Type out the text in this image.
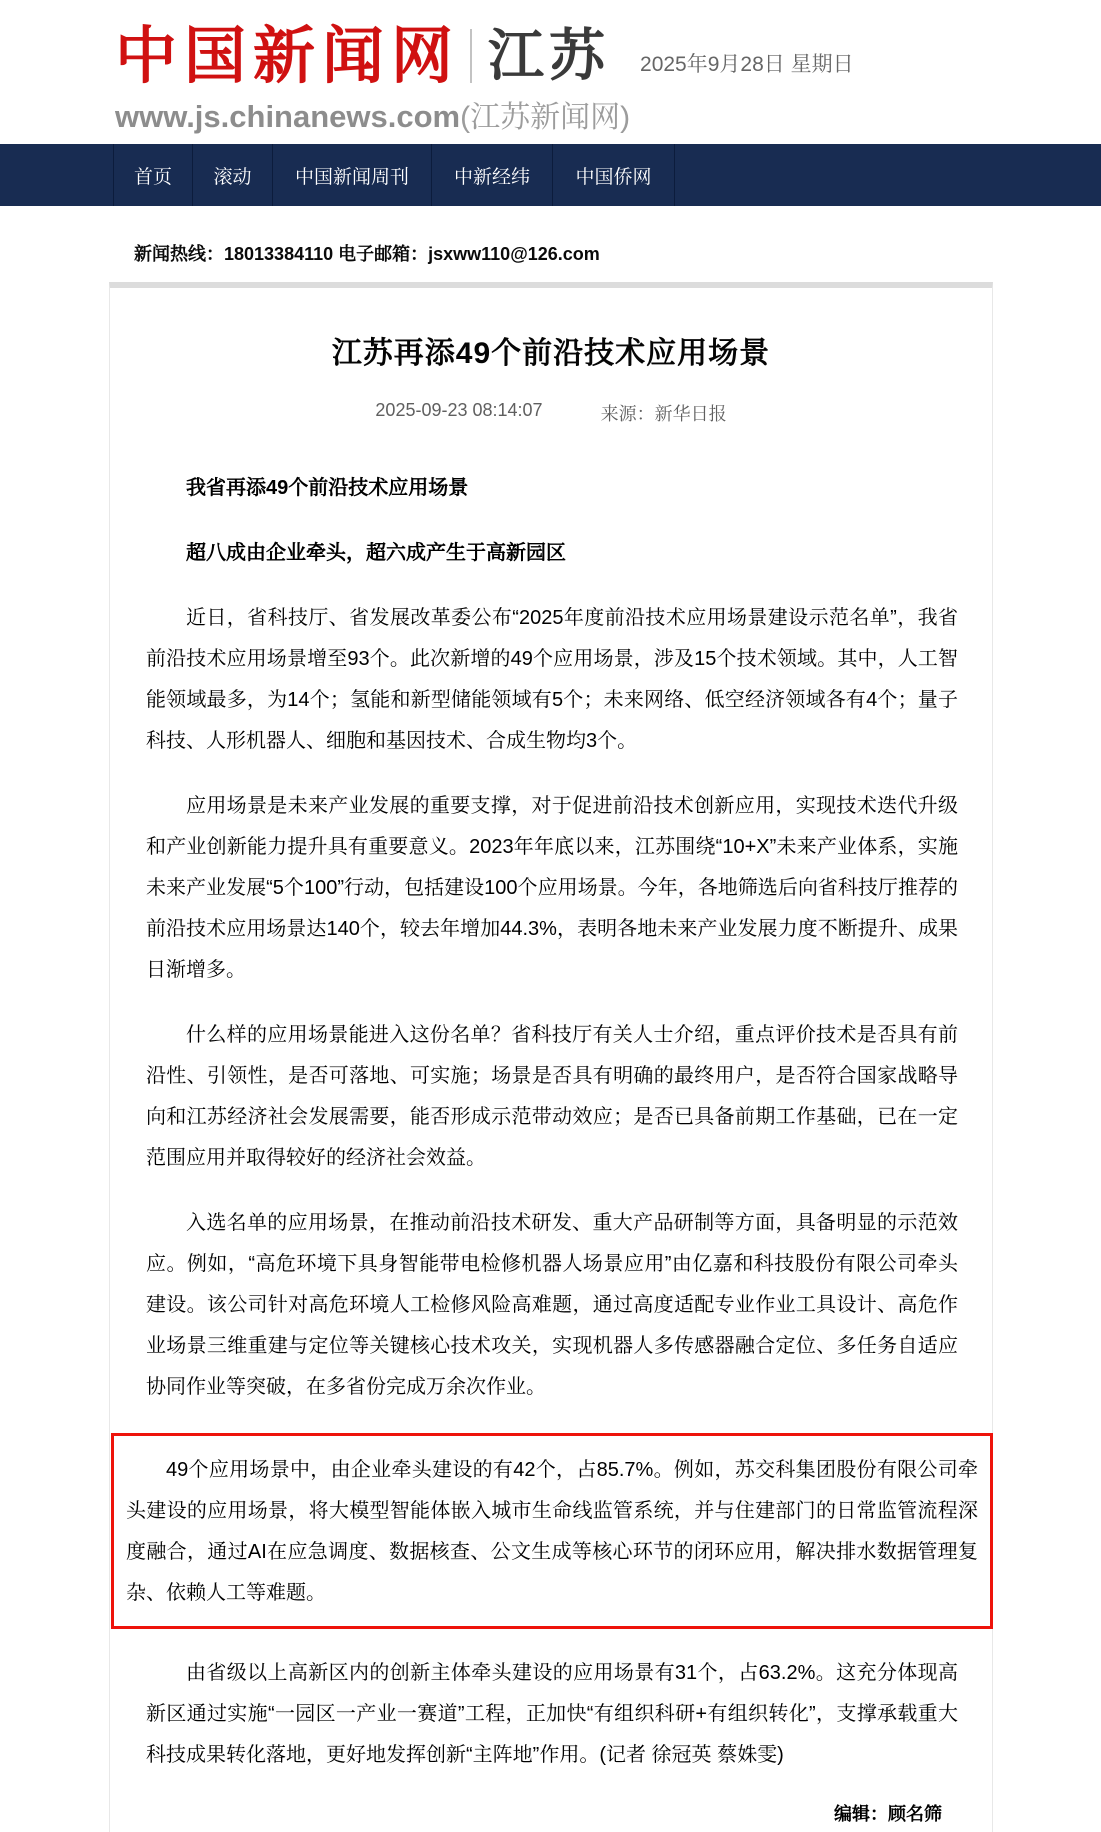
中国新闻网 江苏 2025年9月28日 星期日
www.js.chinanews.com(江苏新闻网)
首页	滚动	中国新闻周刊	中新经纬	中国侨网
新闻热线：18013384110 电子邮箱：jsxww110@126.com
江苏再添49个前沿技术应用场景
2025-09-23 08:14:07	来源：新华日报

我省再添49个前沿技术应用场景

超八成由企业牵头，超六成产生于高新园区

近日，省科技厅、省发展改革委公布“2025年度前沿技术应用场景建设示范名单”，我省前沿技术应用场景增至93个。此次新增的49个应用场景，涉及15个技术领域。其中，人工智能领域最多，为14个；氢能和新型储能领域有5个；未来网络、低空经济领域各有4个；量子科技、人形机器人、细胞和基因技术、合成生物均3个。

应用场景是未来产业发展的重要支撑，对于促进前沿技术创新应用，实现技术迭代升级和产业创新能力提升具有重要意义。2023年年底以来，江苏围绕“10+X”未来产业体系，实施未来产业发展“5个100”行动，包括建设100个应用场景。今年，各地筛选后向省科技厅推荐的前沿技术应用场景达140个，较去年增加44.3%，表明各地未来产业发展力度不断提升、成果日渐增多。

什么样的应用场景能进入这份名单？省科技厅有关人士介绍，重点评价技术是否具有前沿性、引领性，是否可落地、可实施；场景是否具有明确的最终用户，是否符合国家战略导向和江苏经济社会发展需要，能否形成示范带动效应；是否已具备前期工作基础，已在一定范围应用并取得较好的经济社会效益。

入选名单的应用场景，在推动前沿技术研发、重大产品研制等方面，具备明显的示范效应。例如，“高危环境下具身智能带电检修机器人场景应用”由亿嘉和科技股份有限公司牵头建设。该公司针对高危环境人工检修风险高难题，通过高度适配专业作业工具设计、高危作业场景三维重建与定位等关键核心技术攻关，实现机器人多传感器融合定位、多任务自适应协同作业等突破，在多省份完成万余次作业。

49个应用场景中，由企业牵头建设的有42个，占85.7%。例如，苏交科集团股份有限公司牵头建设的应用场景，将大模型智能体嵌入城市生命线监管系统，并与住建部门的日常监管流程深度融合，通过AI在应急调度、数据核查、公文生成等核心环节的闭环应用，解决排水数据管理复杂、依赖人工等难题。

由省级以上高新区内的创新主体牵头建设的应用场景有31个，占63.2%。这充分体现高新区通过实施“一园区一产业一赛道”工程，正加快“有组织科研+有组织转化”，支撑承载重大科技成果转化落地，更好地发挥创新“主阵地”作用。(记者 徐冠英 蔡姝雯)

编辑：顾名筛
